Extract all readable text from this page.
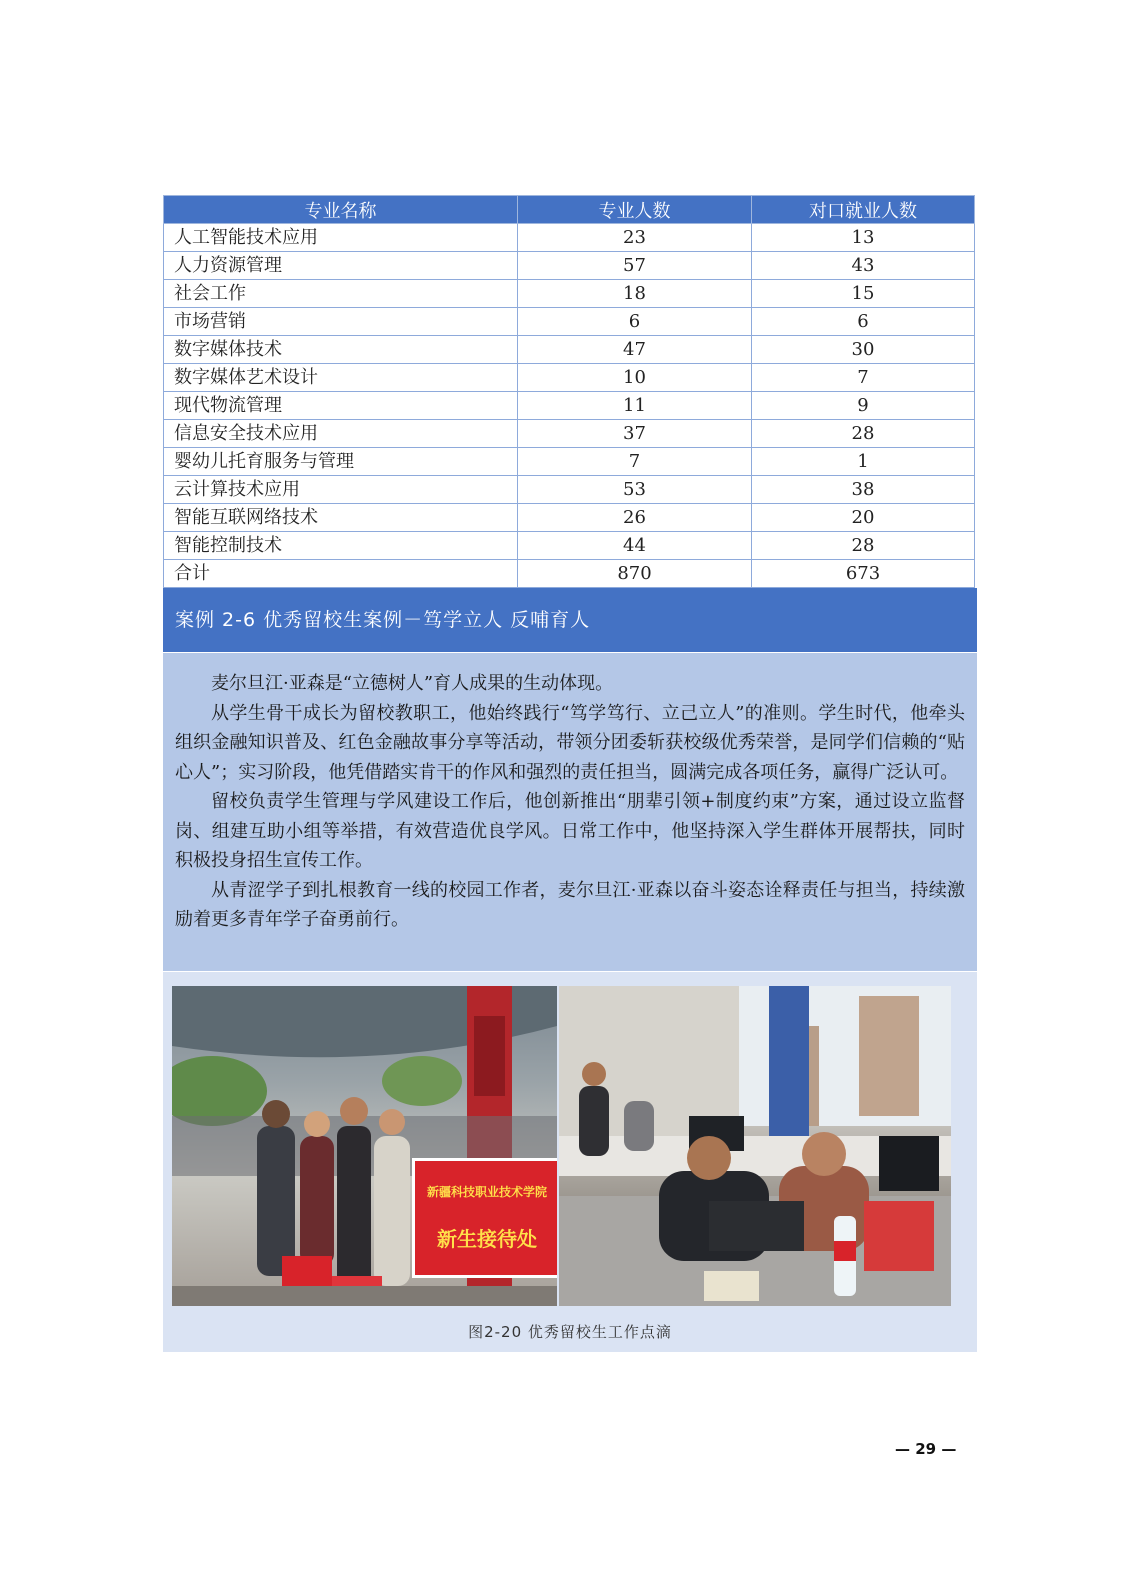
专业名称	专业人数	对口就业人数
人工智能技术应用	23	13
人力资源管理	57	43
社会工作	18	15
市场营销	6	6
数字媒体技术	47	30
数字媒体艺术设计	10	7
现代物流管理	11	9
信息安全技术应用	37	28
婴幼儿托育服务与管理	7	1
云计算技术应用	53	38
智能互联网络技术	26	20
智能控制技术	44	28
合计	870	673
案例 2-6 优秀留校生案例－笃学立人 反哺育人

麦尔旦江·亚森是“立德树人”育人成果的生动体现。

从学生骨干成长为留校教职工，他始终践行“笃学笃行、立己立人”的准则。学生时代，他牵头组织金融知识普及、红色金融故事分享等活动，带领分团委斩获校级优秀荣誉，是同学们信赖的“贴心人”；实习阶段，他凭借踏实肯干的作风和强烈的责任担当，圆满完成各项任务，赢得广泛认可。

留校负责学生管理与学风建设工作后，他创新推出“朋辈引领+制度约束”方案，通过设立监督岗、组建互助小组等举措，有效营造优良学风。日常工作中，他坚持深入学生群体开展帮扶，同时积极投身招生宣传工作。

从青涩学子到扎根教育一线的校园工作者，麦尔旦江·亚森以奋斗姿态诠释责任与担当，持续激励着更多青年学子奋勇前行。

新疆科技职业技术学院
新生接待处
图2-20 优秀留校生工作点滴
— 29 —
